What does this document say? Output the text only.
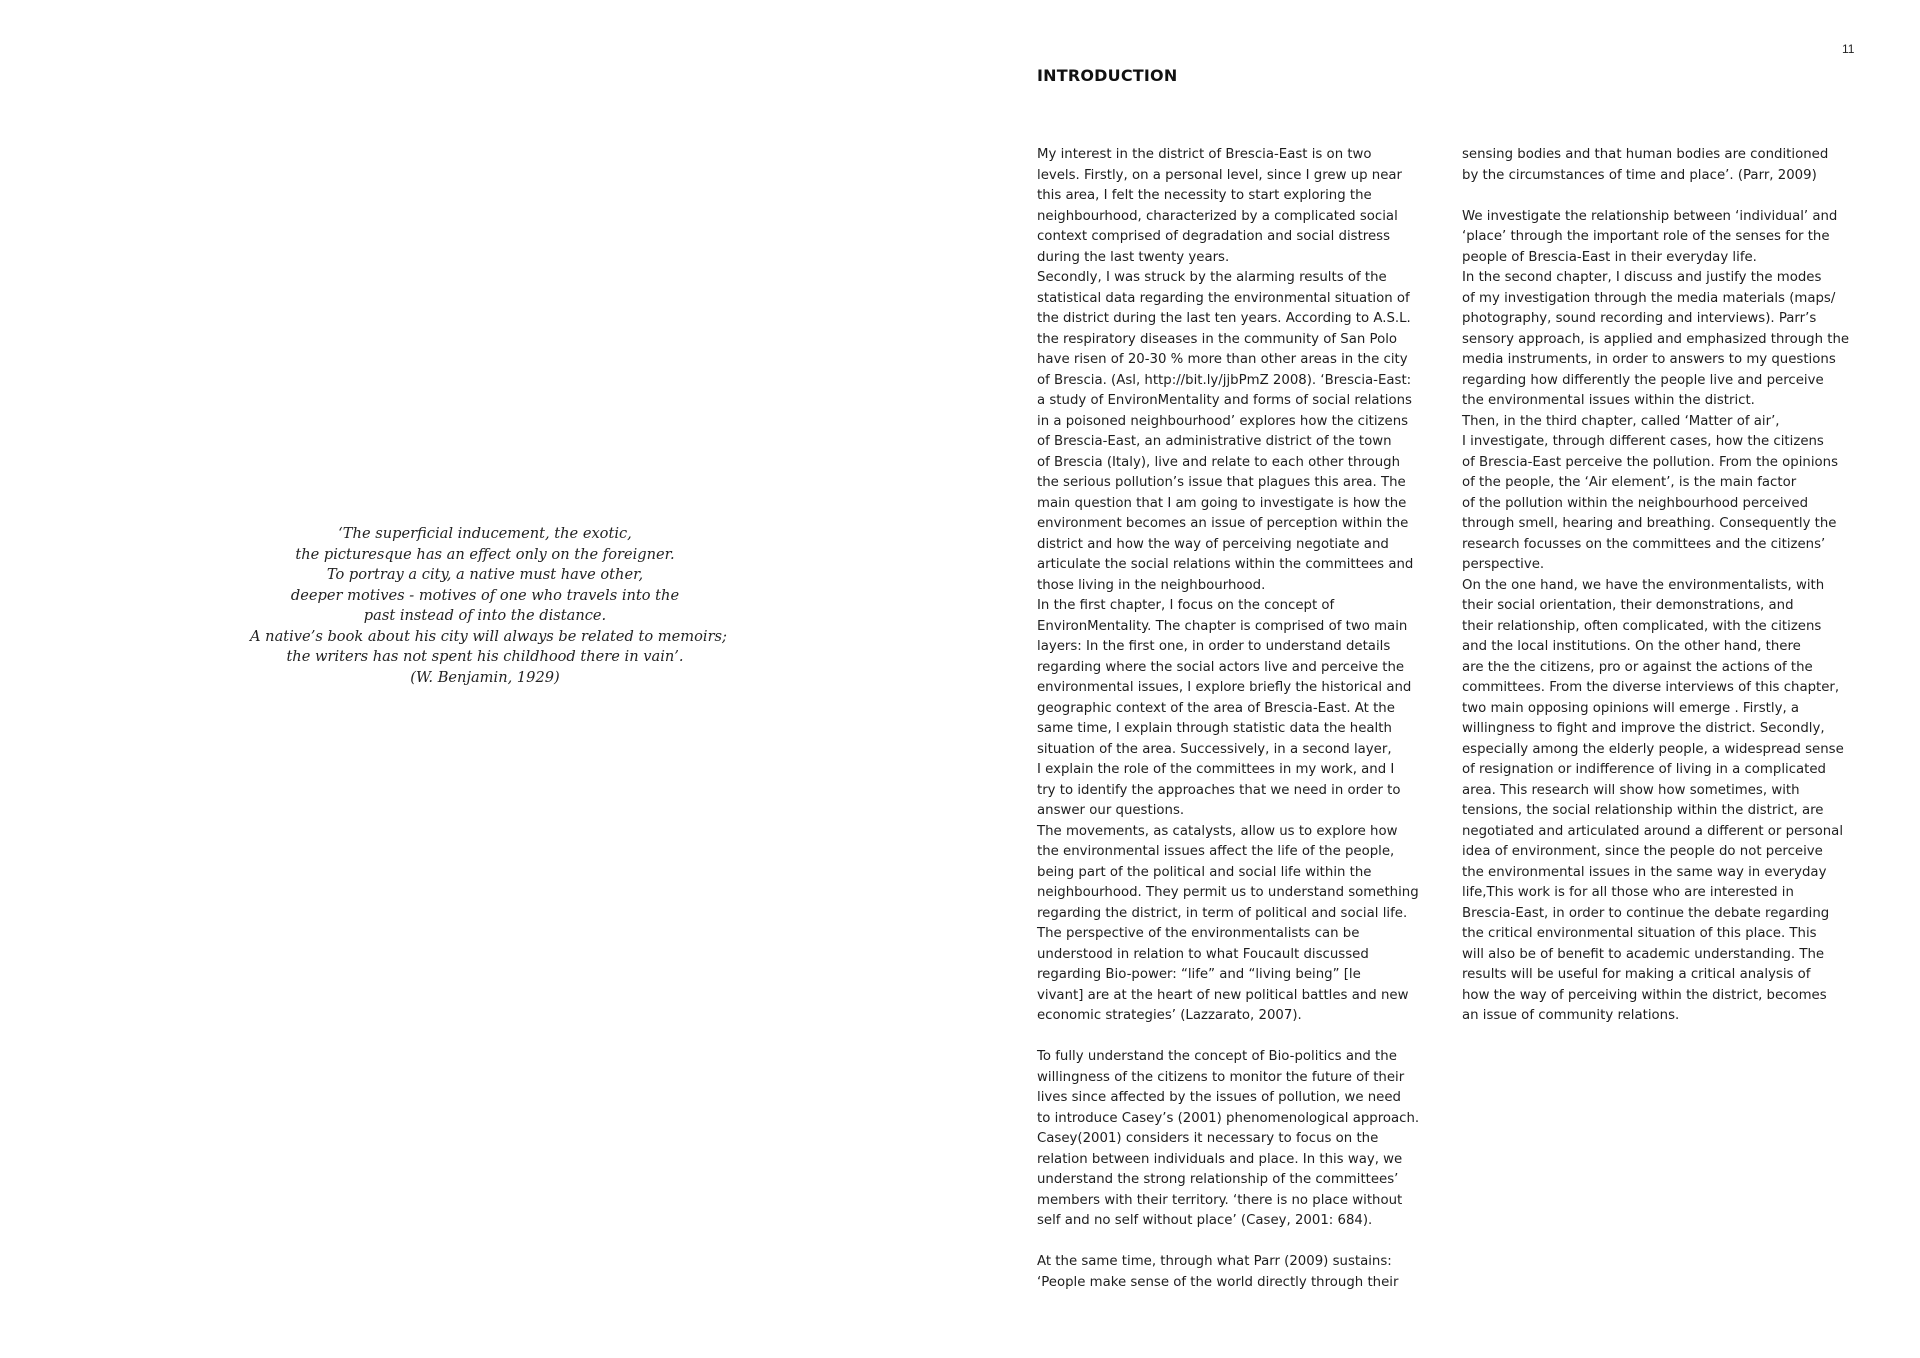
‘The superficial inducement, the exotic,
the picturesque has an effect only on the foreigner.
To portray a city, a native must have other,
deeper motives - motives of one who travels into the
past instead of into the distance.
A native’s book about his city will always be related to memoirs;
the writers has not spent his childhood there in vain’.
(W. Benjamin, 1929)
11
INTRODUCTION
My interest in the district of Brescia-East is on two
levels. Firstly, on a personal level, since I grew up near
this area, I felt the necessity to start exploring the
neighbourhood, characterized by a complicated social
context comprised of degradation and social distress
during the last twenty years.
Secondly, I was struck by the alarming results of the
statistical data regarding the environmental situation of
the district during the last ten years. According to A.S.L.
the respiratory diseases in the community of San Polo
have risen of 20-30 % more than other areas in the city
of Brescia. (Asl, http://bit.ly/jjbPmZ 2008). ‘Brescia-East:
a study of EnvironMentality and forms of social relations
in a poisoned neighbourhood’ explores how the citizens
of Brescia-East, an administrative district of the town
of Brescia (Italy), live and relate to each other through
the serious pollution’s issue that plagues this area. The
main question that I am going to investigate is how the
environment becomes an issue of perception within the
district and how the way of perceiving negotiate and
articulate the social relations within the committees and
those living in the neighbourhood.
In the first chapter, I focus on the concept of
EnvironMentality. The chapter is comprised of two main
layers: In the first one, in order to understand details
regarding where the social actors live and perceive the
environmental issues, I explore briefly the historical and
geographic context of the area of Brescia-East. At the
same time, I explain through statistic data the health
situation of the area. Successively, in a second layer,
I explain the role of the committees in my work, and I
try to identify the approaches that we need in order to
answer our questions.
The movements, as catalysts, allow us to explore how
the environmental issues affect the life of the people,
being part of the political and social life within the
neighbourhood. They permit us to understand something
regarding the district, in term of political and social life.
The perspective of the environmentalists can be
understood in relation to what Foucault discussed
regarding Bio-power: “life” and “living being” [le
vivant] are at the heart of new political battles and new
economic strategies’ (Lazzarato, 2007).
To fully understand the concept of Bio-politics and the
willingness of the citizens to monitor the future of their
lives since affected by the issues of pollution, we need
to introduce Casey’s (2001) phenomenological approach.
Casey(2001) considers it necessary to focus on the
relation between individuals and place. In this way, we
understand the strong relationship of the committees’
members with their territory. ‘there is no place without
self and no self without place’ (Casey, 2001: 684).
At the same time, through what Parr (2009) sustains:
‘People make sense of the world directly through their
sensing bodies and that human bodies are conditioned
by the circumstances of time and place’. (Parr, 2009)
We investigate the relationship between ‘individual’ and
‘place’ through the important role of the senses for the
people of Brescia-East in their everyday life.
In the second chapter, I discuss and justify the modes
of my investigation through the media materials (maps/
photography, sound recording and interviews). Parr’s
sensory approach, is applied and emphasized through the
media instruments, in order to answers to my questions
regarding how differently the people live and perceive
the environmental issues within the district.
Then, in the third chapter, called ‘Matter of air’,
I investigate, through different cases, how the citizens
of Brescia-East perceive the pollution. From the opinions
of the people, the ‘Air element’, is the main factor
of the pollution within the neighbourhood perceived
through smell, hearing and breathing. Consequently the
research focusses on the committees and the citizens’
perspective.
On the one hand, we have the environmentalists, with
their social orientation, their demonstrations, and
their relationship, often complicated, with the citizens
and the local institutions. On the other hand, there
are the the citizens, pro or against the actions of the
committees. From the diverse interviews of this chapter,
two main opposing opinions will emerge . Firstly, a
willingness to fight and improve the district. Secondly,
especially among the elderly people, a widespread sense
of resignation or indifference of living in a complicated
area. This research will show how sometimes, with
tensions, the social relationship within the district, are
negotiated and articulated around a different or personal
idea of environment, since the people do not perceive
the environmental issues in the same way in everyday
life,This work is for all those who are interested in
Brescia-East, in order to continue the debate regarding
the critical environmental situation of this place. This
will also be of benefit to academic understanding. The
results will be useful for making a critical analysis of
how the way of perceiving within the district, becomes
an issue of community relations.
